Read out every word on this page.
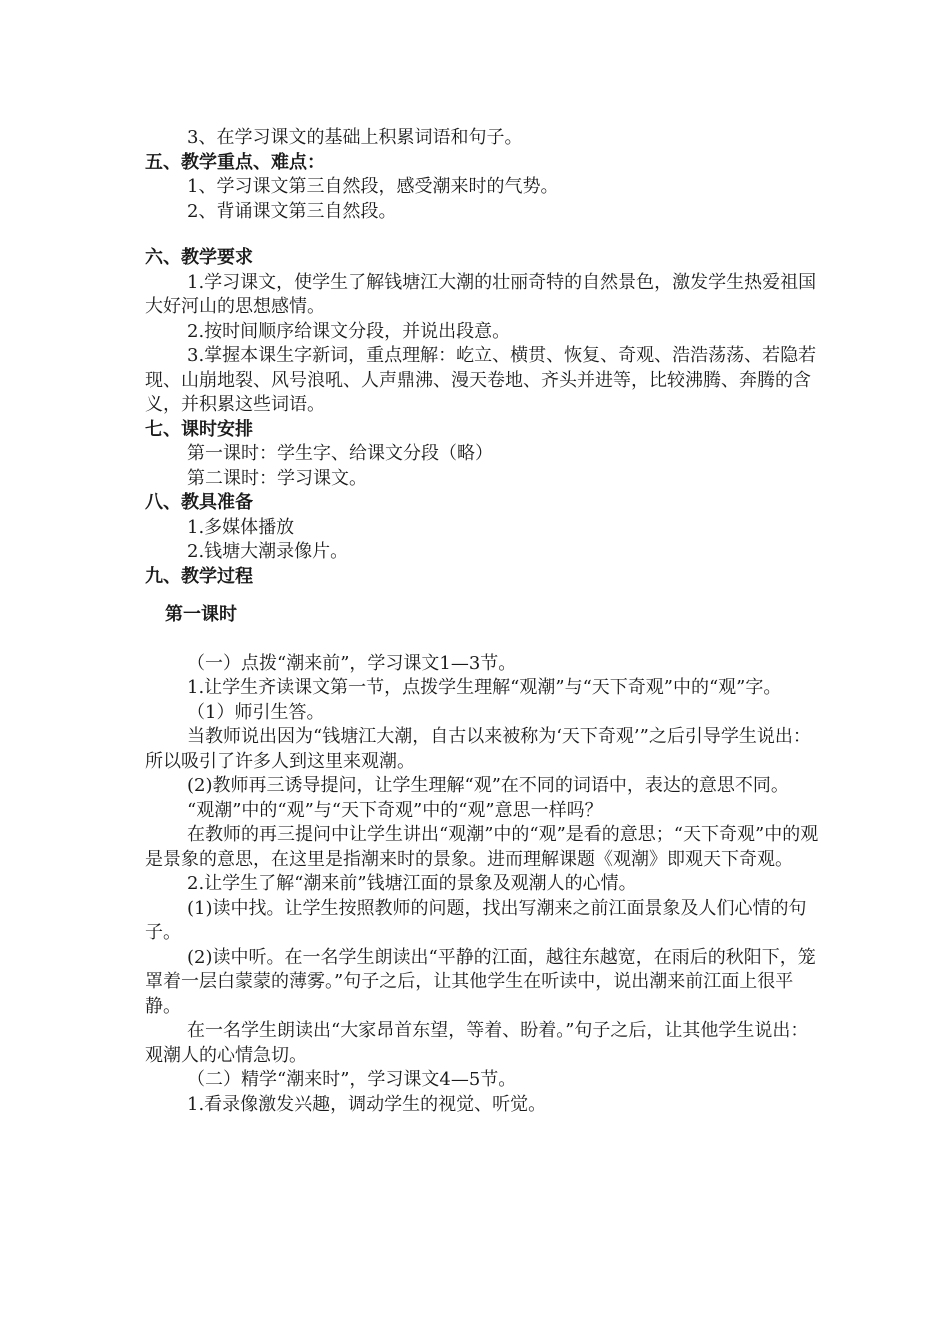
3、在学习课文的基础上积累词语和句子。

五、教学重点、难点：

1、学习课文第三自然段，感受潮来时的气势。

2、背诵课文第三自然段。

六、教学要求

1.学习课文，使学生了解钱塘江大潮的壮丽奇特的自然景色，激发学生热爱祖国大好河山的思想感情。

2.按时间顺序给课文分段，并说出段意。

3.掌握本课生字新词，重点理解：屹立、横贯、恢复、奇观、浩浩荡荡、若隐若现、山崩地裂、风号浪吼、人声鼎沸、漫天卷地、齐头并进等，比较沸腾、奔腾的含义，并积累这些词语。

七、课时安排

第一课时：学生字、给课文分段（略）

第二课时：学习课文。

八、教具准备

1.多媒体播放

2.钱塘大潮录像片。

九、教学过程

第一课时

（一）点拨“潮来前”，学习课文1—3节。

1.让学生齐读课文第一节，点拨学生理解“观潮”与“天下奇观”中的“观”字。

（1）师引生答。

当教师说出因为“钱塘江大潮，自古以来被称为‘天下奇观’”之后引导学生说出：所以吸引了许多人到这里来观潮。

(2)教师再三诱导提问，让学生理解“观”在不同的词语中，表达的意思不同。

“观潮”中的“观”与“天下奇观”中的“观”意思一样吗？

在教师的再三提问中让学生讲出“观潮”中的“观”是看的意思；“天下奇观”中的观是景象的意思，在这里是指潮来时的景象。进而理解课题《观潮》即观天下奇观。

2.让学生了解“潮来前”钱塘江面的景象及观潮人的心情。

(1)读中找。让学生按照教师的问题，找出写潮来之前江面景象及人们心情的句子。

(2)读中听。在一名学生朗读出“平静的江面，越往东越宽，在雨后的秋阳下，笼罩着一层白蒙蒙的薄雾。”句子之后，让其他学生在听读中，说出潮来前江面上很平静。

在一名学生朗读出“大家昂首东望，等着、盼着。”句子之后，让其他学生说出：观潮人的心情急切。

（二）精学“潮来时”，学习课文4—5节。

1.看录像激发兴趣，调动学生的视觉、听觉。
